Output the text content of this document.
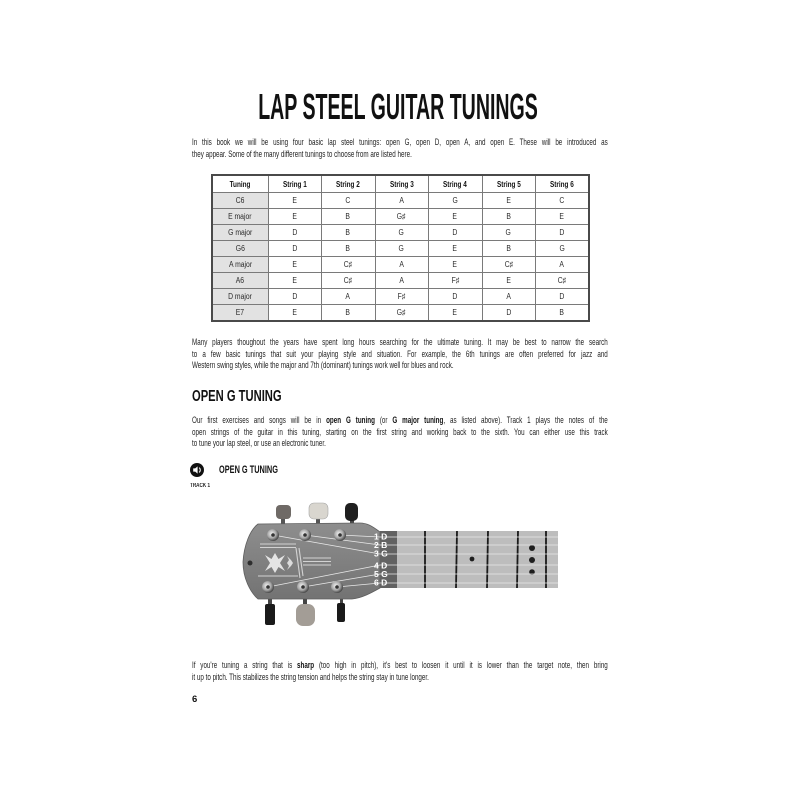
LAP STEEL GUITAR TUNINGS
In this book we will be using four basic lap steel tunings: open G, open D, open A, and open E. These will be introduced as
they appear. Some of the many different tunings to choose from are listed here.
Tuning	String 1	String 2	String 3	String 4	String 5	String 6
C6	E	C	A	G	E	C
E major	E	B	G♯	E	B	E
G major	D	B	G	D	G	D
G6	D	B	G	E	B	G
A major	E	C♯	A	E	C♯	A
A6	E	C♯	A	F♯	E	C♯
D major	D	A	F♯	D	A	D
E7	E	B	G♯	E	D	B
Many players thoughout the years have spent long hours searching for the ultimate tuning. It may be best to narrow the search
to a few basic tunings that suit your playing style and situation. For example, the 6th tunings are often preferred for jazz and
Western swing styles, while the major and 7th (dominant) tunings work well for blues and rock.
OPEN G TUNING
Our first exercises and songs will be in open G tuning (or G major tuning, as listed above). Track 1 plays the notes of the
open strings of the guitar in this tuning, starting on the first string and working back to the sixth. You can either use this track
to tune your lap steel, or use an electronic tuner.
OPEN G TUNING
TRACK 1
1 D
2 B
3 G
4 D
5 G
6 D
If you're tuning a string that is sharp (too high in pitch), it's best to loosen it until it is lower than the target note, then bring
it up to pitch. This stabilizes the string tension and helps the string stay in tune longer.
6
